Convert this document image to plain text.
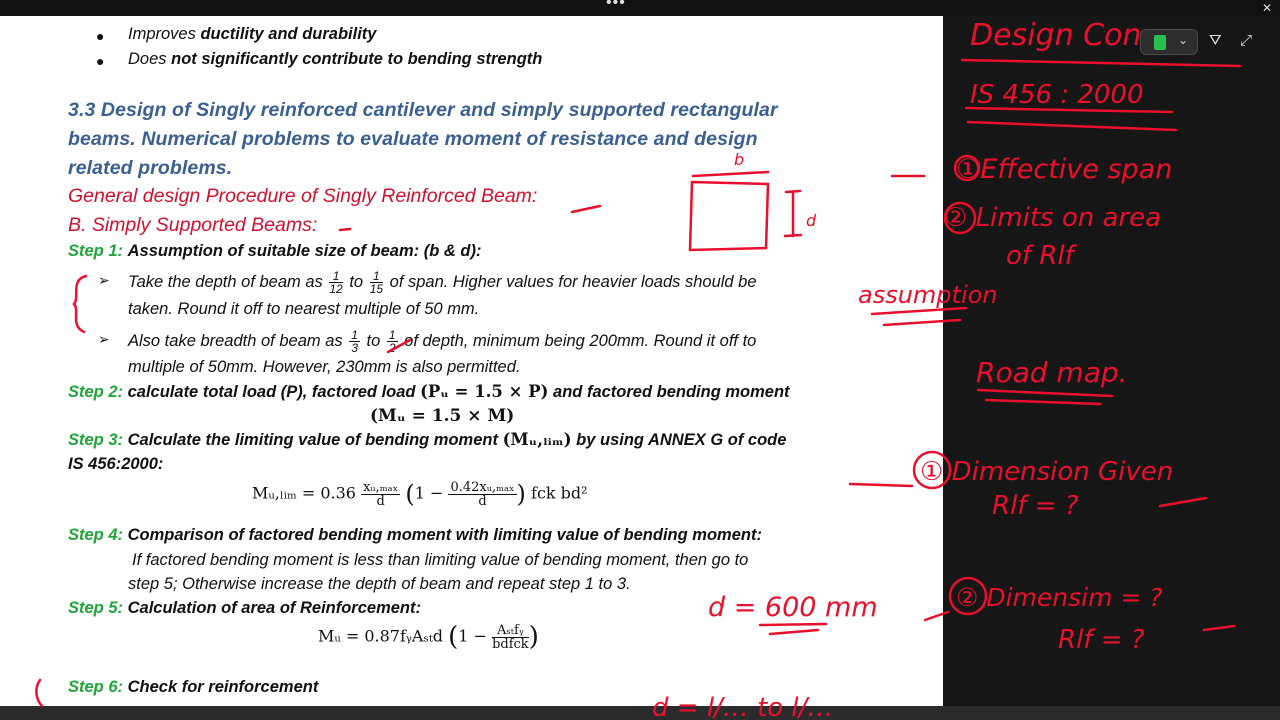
•••	✕
● Improves ductility and durability
● Does not significantly contribute to bending strength
3.3 Design of Singly reinforced cantilever and simply supported rectangular
beams. Numerical problems to evaluate moment of resistance and design
related problems.
General design Procedure of Singly Reinforced Beam:
B. Simply Supported Beams:
Step 1: Assumption of suitable size of beam: (b & d):
➢ Take the depth of beam as $\frac{1}{12}$ to $\frac{1}{15}$ of span. Higher values for heavier loads should be
taken. Round it off to nearest multiple of 50 mm.
➢ Also take breadth of beam as $\frac{1}{3}$ to $\frac{1}{2}$ of depth, minimum being 200mm. Round it off to
multiple of 50mm. However, 230mm is also permitted.
Step 2: calculate total load (P), factored load (Pᵤ = 1.5 × P) and factored bending moment
(Mᵤ = 1.5 × M)
Step 3: Calculate the limiting value of bending moment (Mᵤ,ₗᵢₘ) by using ANNEX G of code
IS 456:2000:
Mᵤ,ₗᵢₘ = $0.36 \frac{\text{xᵤ,ₘₐₓ}}{d} (1 - \frac{\text{0.42xᵤ,ₘₐₓ}}{d}$ ) fck bd²
Step 4: Comparison of factored bending moment with limiting value of bending moment:
If factored bending moment is less than limiting value of bending moment, then go to
step 5; Otherwise increase the depth of beam and repeat step 1 to 3.
Step 5: Calculation of area of Reinforcement:
Mᵤ = 0.87fᵧAₛₜd ($1 - \frac{\text{Aₛₜfᵧ}}{\text{bdfck}}$ )
Step 6: Check for reinforcement
⌄ ⛛ ⤢
b
d
Design Con
IS 456 : 2000
①Effective span
② Limits on area
of Rlf
assumption
Road map.
① Dimension Given
Rlf = ?
d = 600 mm	② Dimensim = ?
Rlf = ?
d = l/… to l/…
